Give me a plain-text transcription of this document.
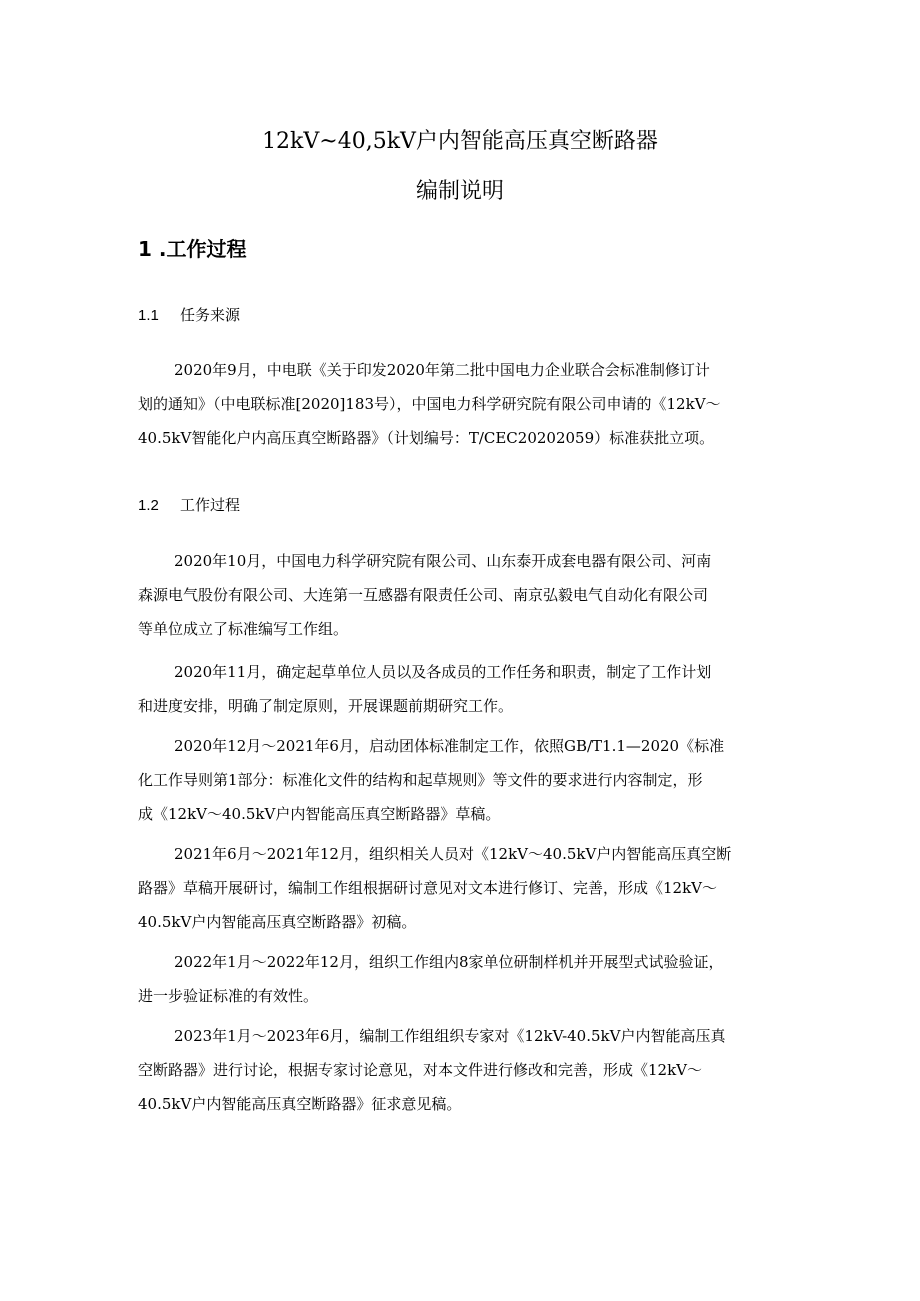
12kV~40,5kV户内智能高压真空断路器
编制说明
1 .工作过程
1.1 任务来源

2020年9月，中电联《关于印发2020年第二批中国电力企业联合会标准制修订计
划的通知》（中电联标准[2020]183号），中国电力科学研究院有限公司申请的《12kV～
40.5kV智能化户内高压真空断路器》（计划编号：T/CEC20202059）标准获批立项。

1.2 工作过程

2020年10月，中国电力科学研究院有限公司、山东泰开成套电器有限公司、河南
森源电气股份有限公司、大连第一互感器有限责任公司、南京弘毅电气自动化有限公司
等单位成立了标准编写工作组。

2020年11月，确定起草单位人员以及各成员的工作任务和职责，制定了工作计划
和进度安排，明确了制定原则，开展课题前期研究工作。

2020年12月～2021年6月，启动团体标准制定工作，依照GB/T1.1—2020《标准
化工作导则第1部分：标准化文件的结构和起草规则》等文件的要求进行内容制定，形
成《12kV～40.5kV户内智能高压真空断路器》草稿。

2021年6月～2021年12月，组织相关人员对《12kV～40.5kV户内智能高压真空断
路器》草稿开展研讨，编制工作组根据研讨意见对文本进行修订、完善，形成《12kV～
40.5kV户内智能高压真空断路器》初稿。

2022年1月～2022年12月，组织工作组内8家单位研制样机并开展型式试验验证，
进一步验证标准的有效性。

2023年1月～2023年6月，编制工作组组织专家对《12kV-40.5kV户内智能高压真
空断路器》进行讨论，根据专家讨论意见，对本文件进行修改和完善，形成《12kV～
40.5kV户内智能高压真空断路器》征求意见稿。
